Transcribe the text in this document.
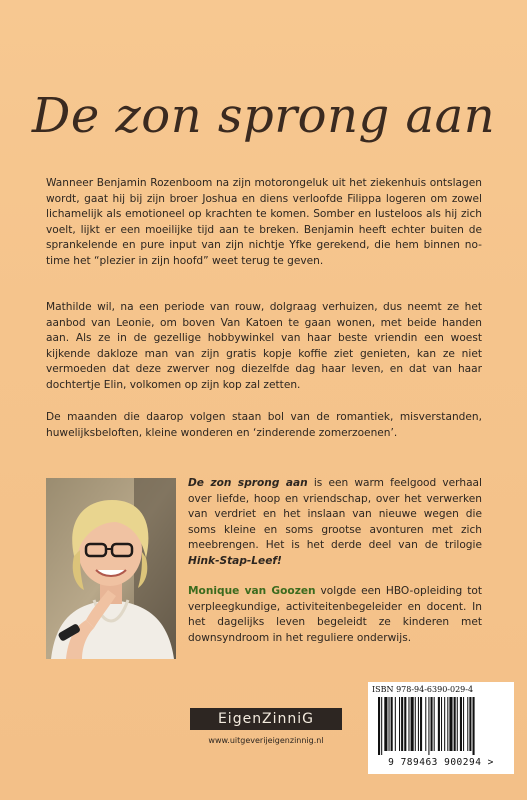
De zon sprong aan

Wanneer Benjamin Rozenboom na zijn motorongeluk uit het ziekenhuis ontslagen wordt, gaat hij bij zijn broer Joshua en diens verloofde Filippa logeren om zowel lichamelijk als emotioneel op krachten te komen. Somber en lusteloos als hij zich voelt, lijkt er een moeilijke tijd aan te breken. Benjamin heeft echter buiten de sprankelende en pure input van zijn nichtje Yfke gerekend, die hem binnen no-time het “plezier in zijn hoofd” weet terug te geven.

Mathilde wil, na een periode van rouw, dolgraag verhuizen, dus neemt ze het aanbod van Leonie, om boven Van Katoen te gaan wonen, met beide handen aan. Als ze in de gezellige hobbywinkel van haar beste vriendin een woest kijkende dakloze man van zijn gratis kopje koffie ziet genieten, kan ze niet vermoeden dat deze zwerver nog diezelfde dag haar leven, en dat van haar dochtertje Elin, volkomen op zijn kop zal zetten.

De maanden die daarop volgen staan bol van de romantiek, misverstanden, huwelijksbeloften, kleine wonderen en ‘zinderende zomerzoenen’.

De zon sprong aan is een warm feelgood verhaal over liefde, hoop en vriendschap, over het verwerken van verdriet en het inslaan van nieuwe wegen die soms kleine en soms grootse avonturen met zich meebrengen. Het is het derde deel van de trilogie Hink-Stap-Leef!

Monique van Goozen volgde een HBO-opleiding tot verpleegkundige, activiteitenbegeleider en docent. In het dagelijks leven begeleidt ze kinderen met downsyndroom in het reguliere onderwijs.

EigenZinniG
www.uitgeverijeigenzinnig.nl
ISBN 978-94-6390-029-4
9 789463 900294 >
